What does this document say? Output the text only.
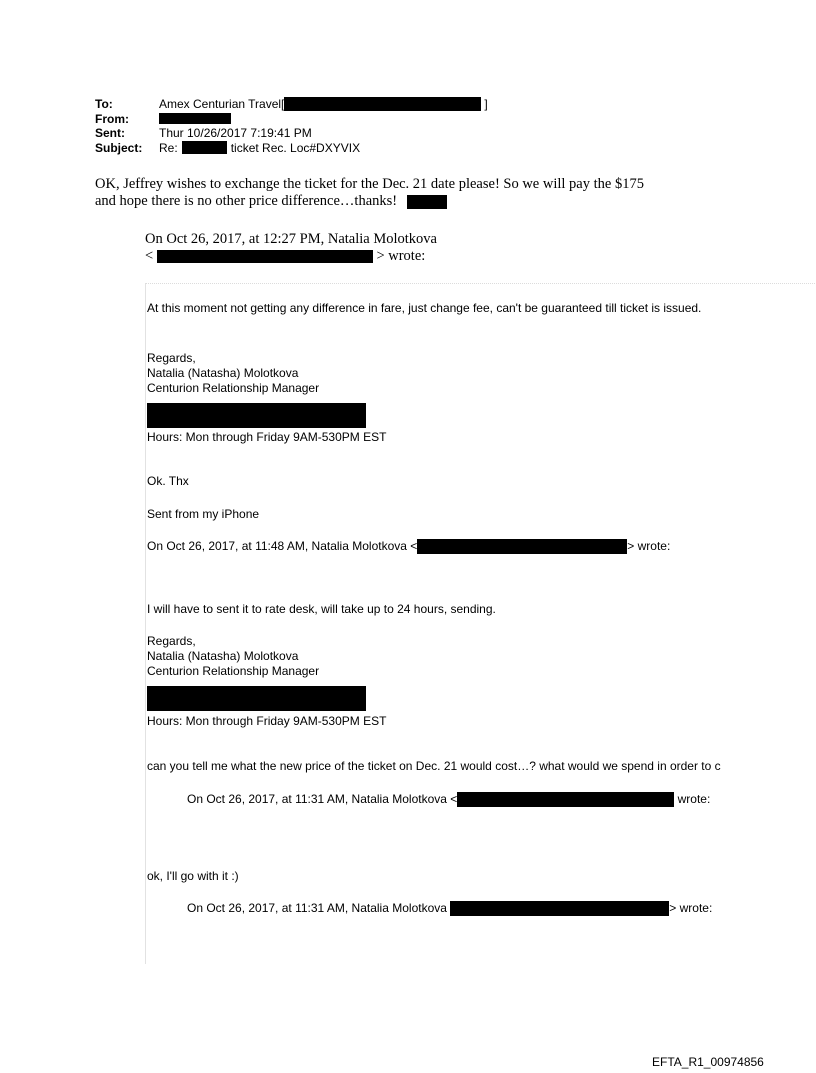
To:	Amex Centurian Travel[	]
From:
Sent:	Thur 10/26/2017 7:19:41 PM
Subject:	Re:	ticket Rec. Loc#DXYVIX
OK, Jeffrey wishes to exchange the ticket for the Dec. 21 date please! So we will pay the $175
and hope there is no other price difference…thanks!
On Oct 26, 2017, at 12:27 PM, Natalia Molotkova
<	> wrote:
At this moment not getting any difference in fare, just change fee, can't be guaranteed till ticket is issued.
Regards,
Natalia (Natasha) Molotkova
Centurion Relationship Manager
Hours: Mon through Friday 9AM-530PM EST
Ok. Thx
Sent from my iPhone
On Oct 26, 2017, at 11:48 AM, Natalia Molotkova <	> wrote:
I will have to sent it to rate desk, will take up to 24 hours, sending.
Regards,
Natalia (Natasha) Molotkova
Centurion Relationship Manager
Hours: Mon through Friday 9AM-530PM EST
can you tell me what the new price of the ticket on Dec. 21 would cost…? what would we spend in order to c
On Oct 26, 2017, at 11:31 AM, Natalia Molotkova <	wrote:
ok, I'll go with it :)
On Oct 26, 2017, at 11:31 AM, Natalia Molotkova	> wrote:
EFTA_R1_00974856
